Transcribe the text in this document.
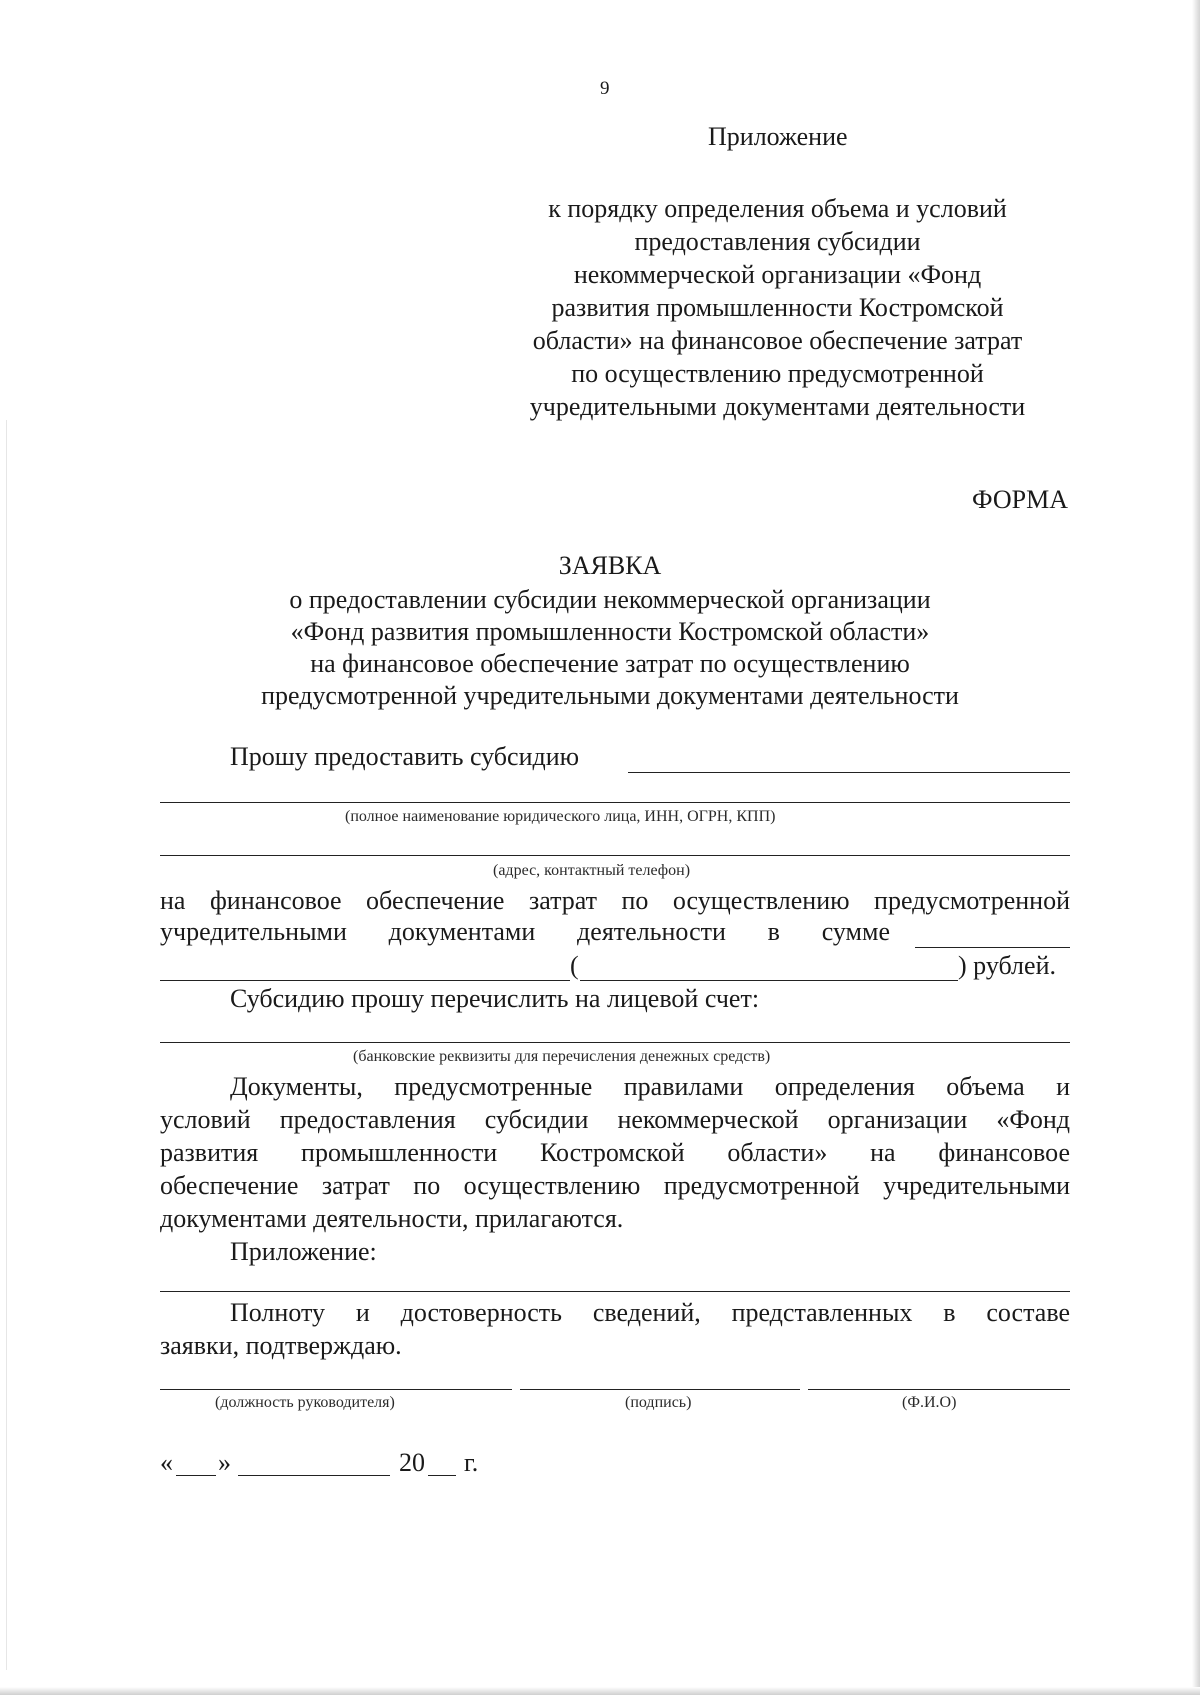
9
Приложение
к порядку определения объема и условий
предоставления субсидии
некоммерческой организации «Фонд
развития промышленности Костромской
области» на финансовое обеспечение затрат
по осуществлению предусмотренной
учредительными документами деятельности
ФОРМА
ЗАЯВКА
о предоставлении субсидии некоммерческой организации
«Фонд развития промышленности Костромской области»
на финансовое обеспечение затрат по осуществлению
предусмотренной учредительными документами деятельности
Прошу предоставить субсидию
(полное наименование юридического лица, ИНН, ОГРН, КПП)
(адрес, контактный телефон)
на финансовое обеспечение затрат по осуществлению предусмотренной
учредительными документами деятельности в сумме
(	) рублей.
Субсидию прошу перечислить на лицевой счет:
(банковские реквизиты для перечисления денежных средств)
Документы, предусмотренные правилами определения объема и
условий предоставления субсидии некоммерческой организации «Фонд
развития промышленности Костромской области» на финансовое
обеспечение затрат по осуществлению предусмотренной учредительными
документами деятельности, прилагаются.
Приложение:
Полноту и достоверность сведений, представленных в составе
заявки, подтверждаю.
(должность руководителя)	(подпись)	(Ф.И.О)
« »	20 г.
